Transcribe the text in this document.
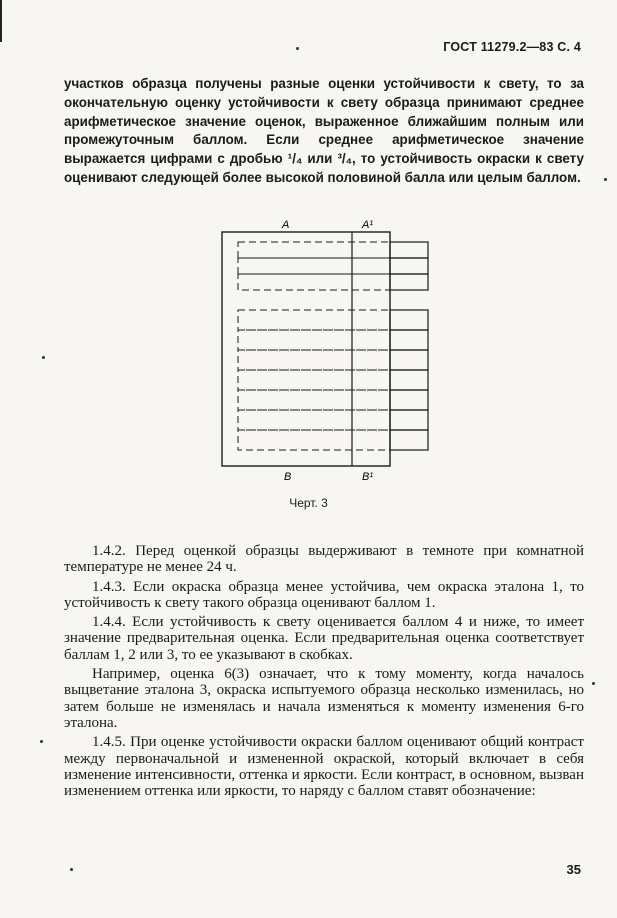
ГОСТ 11279.2—83 С. 4

участков образца получены разные оценки устойчивости к свету, то за окончательную оценку устойчивости к свету образца принимают среднее арифметическое значение оценок, выраженное ближайшим полным или промежуточным баллом. Если среднее арифметическое значение выражается цифрами с дробью ¹/₄ или ³/₄, то устойчивость окраски к свету оценивают следующей более высокой половиной балла или целым баллом.

А	А¹
В	В¹
Черт. 3

1.4.2. Перед оценкой образцы выдерживают в темноте при комнатной температуре не менее 24 ч.

1.4.3. Если окраска образца менее устойчива, чем окраска эталона 1, то устойчивость к свету такого образца оценивают баллом 1.

1.4.4. Если устойчивость к свету оценивается баллом 4 и ниже, то имеет значение предварительная оценка. Если предварительная оценка соответствует баллам 1, 2 или 3, то ее указывают в скобках.

Например, оценка 6(3) означает, что к тому моменту, когда началось выцветание эталона 3, окраска испытуемого образца несколько изменилась, но затем больше не изменялась и начала изменяться к моменту изменения 6-го эталона.

1.4.5. При оценке устойчивости окраски баллом оценивают общий контраст между первоначальной и измененной окраской, который включает в себя изменение интенсивности, оттенка и яркости. Если контраст, в основном, вызван изменением оттенка или яркости, то наряду с баллом ставят обозначение:

35
